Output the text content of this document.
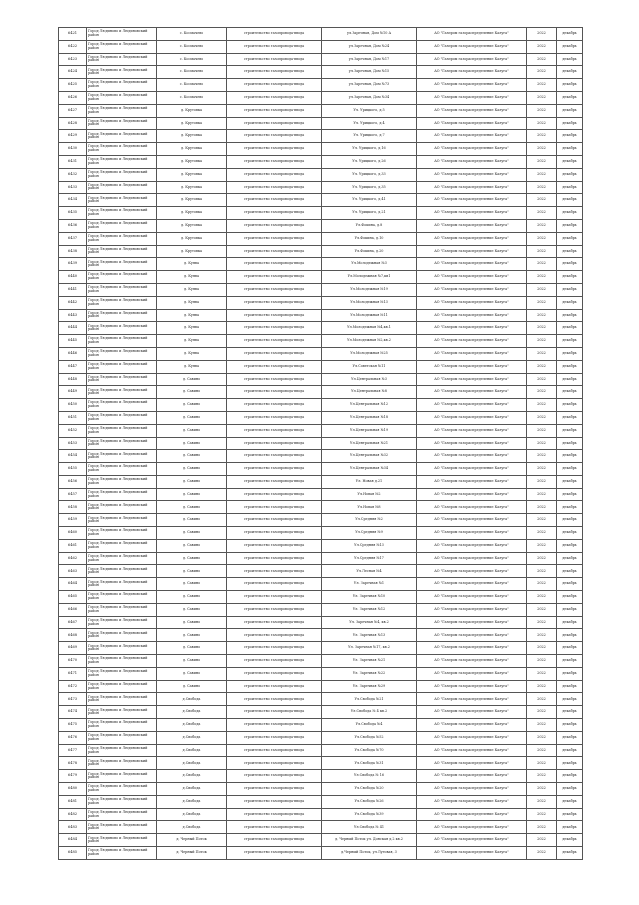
6421	Город Людиново и Людиновский район	с. Космачево	строительство газопровода-ввода	ул.Заречная, Дом №10 А	АО "Газпром газораспределение Калуга"	2022	декабрь
6422	Город Людиново и Людиновский район	с. Космачево	строительство газопровода-ввода	ул.Заречная, Дом №24	АО "Газпром газораспределение Калуга"	2022	декабрь
6423	Город Людиново и Людиновский район	с. Космачево	строительство газопровода-ввода	ул.Заречная, Дом №17	АО "Газпром газораспределение Калуга"	2022	декабрь
6424	Город Людиново и Людиновский район	с. Космачево	строительство газопровода-ввода	ул.Заречная, Дом №15	АО "Газпром газораспределение Калуга"	2022	декабрь
6425	Город Людиново и Людиновский район	с. Космачево	строительство газопровода-ввода	ул.Заречная, Дом №73	АО "Газпром газораспределение Калуга"	2022	декабрь
6426	Город Людиново и Людиновский район	с. Космачево	строительство газопровода-ввода	ул.Заречная, Дом №34	АО "Газпром газораспределение Калуга"	2022	декабрь
6427	Город Людиново и Людиновский район	д. Крутовка	строительство газопровода-ввода	Ул. Урицкого, д.5	АО "Газпром газораспределение Калуга"	2022	декабрь
6428	Город Людиново и Людиновский район	д. Крутовка	строительство газопровода-ввода	Ул. Урицкого, д.4	АО "Газпром газораспределение Калуга"	2022	декабрь
6429	Город Людиново и Людиновский район	д. Крутовка	строительство газопровода-ввода	Ул. Урицкого, д.7	АО "Газпром газораспределение Калуга"	2022	декабрь
6430	Город Людиново и Людиновский район	д. Крутовка	строительство газопровода-ввода	Ул. Урицкого, д.16	АО "Газпром газораспределение Калуга"	2022	декабрь
6431	Город Людиново и Людиновский район	д. Крутовка	строительство газопровода-ввода	Ул. Урицкого, д.26	АО "Газпром газораспределение Калуга"	2022	декабрь
6432	Город Людиново и Людиновский район	д. Крутовка	строительство газопровода-ввода	Ул. Урицкого, д.33	АО "Газпром газораспределение Калуга"	2022	декабрь
6433	Город Людиново и Людиновский район	д. Крутовка	строительство газопровода-ввода	Ул. Урицкого, д.35	АО "Газпром газораспределение Калуга"	2022	декабрь
6434	Город Людиново и Людиновский район	д. Крутовка	строительство газопровода-ввода	Ул. Урицкого, д.41	АО "Газпром газораспределение Калуга"	2022	декабрь
6435	Город Людиново и Людиновский район	д. Крутовка	строительство газопровода-ввода	Ул. Урицкого, д.21	АО "Газпром газораспределение Калуга"	2022	декабрь
6436	Город Людиново и Людиновский район	д. Крутовка	строительство газопровода-ввода	Ул.Фокина, д.8	АО "Газпром газораспределение Калуга"	2022	декабрь
6437	Город Людиново и Людиновский район	д. Крутовка	строительство газопровода-ввода	Ул.Фокина, д.10	АО "Газпром газораспределение Калуга"	2022	декабрь
6438	Город Людиново и Людиновский район	д. Крутовка	строительство газопровода-ввода	Ул.Фокина, д.20	АО "Газпром газораспределение Калуга"	2022	декабрь
6439	Город Людиново и Людиновский район	д. Куява	строительство газопровода-ввода	Ул.Молодежная №3	АО "Газпром газораспределение Калуга"	2022	декабрь
6440	Город Людиново и Людиновский район	д. Куява	строительство газопровода-ввода	Ул.Молодежная №7,кв1	АО "Газпром газораспределение Калуга"	2022	декабрь
6441	Город Людиново и Людиновский район	д. Куява	строительство газопровода-ввода	Ул.Молодежная №19	АО "Газпром газораспределение Калуга"	2022	декабрь
6442	Город Людиново и Людиновский район	д. Куява	строительство газопровода-ввода	Ул.Молодежная №13	АО "Газпром газораспределение Калуга"	2022	декабрь
6443	Город Людиново и Людиновский район	д. Куява	строительство газопровода-ввода	Ул.Молодежная №11	АО "Газпром газораспределение Калуга"	2022	декабрь
6444	Город Людиново и Людиновский район	д. Куява	строительство газопровода-ввода	Ул.Молодежная №4,кв.1	АО "Газпром газораспределение Калуга"	2022	декабрь
6445	Город Людиново и Людиновский район	д. Куява	строительство газопровода-ввода	Ул.Молодежная №2,кв.2	АО "Газпром газораспределение Калуга"	2022	декабрь
6446	Город Людиново и Людиновский район	д. Куява	строительство газопровода-ввода	Ул.Молодежная №25	АО "Газпром газораспределение Калуга"	2022	декабрь
6447	Город Людиново и Людиновский район	д. Куява	строительство газопровода-ввода	Ул.Советская №11	АО "Газпром газораспределение Калуга"	2022	декабрь
6448	Город Людиново и Людиновский район	д. Савино	строительство газопровода-ввода	Ул.Центральная №3	АО "Газпром газораспределение Калуга"	2022	декабрь
6449	Город Людиново и Людиновский район	д. Савино	строительство газопровода-ввода	Ул.Центральная №8	АО "Газпром газораспределение Калуга"	2022	декабрь
6450	Город Людиново и Людиновский район	д. Савино	строительство газопровода-ввода	Ул.Центральная №12	АО "Газпром газораспределение Калуга"	2022	декабрь
6451	Город Людиново и Людиновский район	д. Савино	строительство газопровода-ввода	Ул.Центральная №18	АО "Газпром газораспределение Калуга"	2022	декабрь
6452	Город Людиново и Людиновский район	д. Савино	строительство газопровода-ввода	Ул.Центральная №19	АО "Газпром газораспределение Калуга"	2022	декабрь
6453	Город Людиново и Людиновский район	д. Савино	строительство газопровода-ввода	Ул.Центральная №21	АО "Газпром газораспределение Калуга"	2022	декабрь
6454	Город Людиново и Людиновский район	д. Савино	строительство газопровода-ввода	Ул.Центральная №32	АО "Газпром газораспределение Калуга"	2022	декабрь
6455	Город Людиново и Людиновский район	д. Савино	строительство газопровода-ввода	Ул.Центральная №34	АО "Газпром газораспределение Калуга"	2022	декабрь
6456	Город Людиново и Людиновский район	д. Савино	строительство газопровода-ввода	Ул. Новая д.21	АО "Газпром газораспределение Калуга"	2022	декабрь
6457	Город Людиново и Людиновский район	д. Савино	строительство газопровода-ввода	Ул.Новая №2	АО "Газпром газораспределение Калуга"	2022	декабрь
6458	Город Людиново и Людиновский район	д. Савино	строительство газопровода-ввода	Ул.Новая №8	АО "Газпром газораспределение Калуга"	2022	декабрь
6459	Город Людиново и Людиновский район	д. Савино	строительство газопровода-ввода	Ул.Средняя №2	АО "Газпром газораспределение Калуга"	2022	декабрь
6460	Город Людиново и Людиновский район	д. Савино	строительство газопровода-ввода	Ул.Средняя №9	АО "Газпром газораспределение Калуга"	2022	декабрь
6461	Город Людиново и Людиновский район	д. Савино	строительство газопровода-ввода	Ул.Средняя №13	АО "Газпром газораспределение Калуга"	2022	декабрь
6462	Город Людиново и Людиновский район	д. Савино	строительство газопровода-ввода	Ул.Средняя №17	АО "Газпром газораспределение Калуга"	2022	декабрь
6463	Город Людиново и Людиновский район	д. Савино	строительство газопровода-ввода	Ул.Лесная №4	АО "Газпром газораспределение Калуга"	2022	декабрь
6464	Город Людиново и Людиновский район	д. Савино	строительство газопровода-ввода	Ул. Заречная №1	АО "Газпром газораспределение Калуга"	2022	декабрь
6465	Город Людиново и Людиновский район	д. Савино	строительство газопровода-ввода	Ул. Заречная №10	АО "Газпром газораспределение Калуга"	2022	декабрь
6466	Город Людиново и Людиновский район	д. Савино	строительство газопровода-ввода	Ул. Заречная №12	АО "Газпром газораспределение Калуга"	2022	декабрь
6467	Город Людиново и Людиновский район	д. Савино	строительство газопровода-ввода	Ул. Заречная №4, кв.2	АО "Газпром газораспределение Калуга"	2022	декабрь
6468	Город Людиново и Людиновский район	д. Савино	строительство газопровода-ввода	Ул. Заречная №13	АО "Газпром газораспределение Калуга"	2022	декабрь
6469	Город Людиново и Людиновский район	д. Савино	строительство газопровода-ввода	Ул. Заречная №17, кв.2	АО "Газпром газораспределение Калуга"	2022	декабрь
6470	Город Людиново и Людиновский район	д. Савино	строительство газопровода-ввода	Ул. Заречная №21	АО "Газпром газораспределение Калуга"	2022	декабрь
6471	Город Людиново и Людиновский район	д. Савино	строительство газопровода-ввода	Ул. Заречная №22	АО "Газпром газораспределение Калуга"	2022	декабрь
6472	Город Людиново и Людиновский район	д. Савино	строительство газопровода-ввода	Ул. Заречная №29	АО "Газпром газораспределение Калуга"	2022	декабрь
6473	Город Людиново и Людиновский район	д.Свобода	строительство газопровода-ввода	Ул.Свобода №21	АО "Газпром газораспределение Калуга"	2022	декабрь
6474	Город Людиново и Людиновский район	д.Свобода	строительство газопровода-ввода	Ул.Свобода № 4 кв.2	АО "Газпром газораспределение Калуга"	2022	декабрь
6475	Город Людиново и Людиновский район	д.Свобода	строительство газопровода-ввода	Ул.Свобода №4	АО "Газпром газораспределение Калуга"	2022	декабрь
6476	Город Людиново и Людиновский район	д.Свобода	строительство газопровода-ввода	Ул.Свобода №52	АО "Газпром газораспределение Калуга"	2022	декабрь
6477	Город Людиново и Людиновский район	д.Свобода	строительство газопровода-ввода	Ул.Свобода №70	АО "Газпром газораспределение Калуга"	2022	декабрь
6478	Город Людиново и Людиновский район	д.Свобода	строительство газопровода-ввода	Ул.Свобода №31	АО "Газпром газораспределение Калуга"	2022	декабрь
6479	Город Людиново и Людиновский район	д.Свобода	строительство газопровода-ввода	Ул.Свобода № 16	АО "Газпром газораспределение Калуга"	2022	декабрь
6480	Город Людиново и Людиновский район	д.Свобода	строительство газопровода-ввода	Ул.Свобода №20	АО "Газпром газораспределение Калуга"	2022	декабрь
6481	Город Людиново и Людиновский район	д.Свобода	строительство газопровода-ввода	Ул.Свобода №26	АО "Газпром газораспределение Калуга"	2022	декабрь
6482	Город Людиново и Людиновский район	д.Свобода	строительство газопровода-ввода	Ул.Свобода №39	АО "Газпром газораспределение Калуга"	2022	декабрь
6483	Город Людиново и Людиновский район	д.Свобода	строительство газопровода-ввода	Ул.Свобода № 41	АО "Газпром газораспределение Калуга"	2022	декабрь
6484	Город Людиново и Людиновский район	д. Черный Поток	строительство газопровода-ввода	д. Черный Поток ул. Донская д.2 кв.2	АО "Газпром газораспределение Калуга"	2022	декабрь
6485	Город Людиново и Людиновский район	д. Черный Поток	строительство газопровода-ввода	д.Черный Поток, ул.Луговая, 3	АО "Газпром газораспределение Калуга"	2022	декабрь
